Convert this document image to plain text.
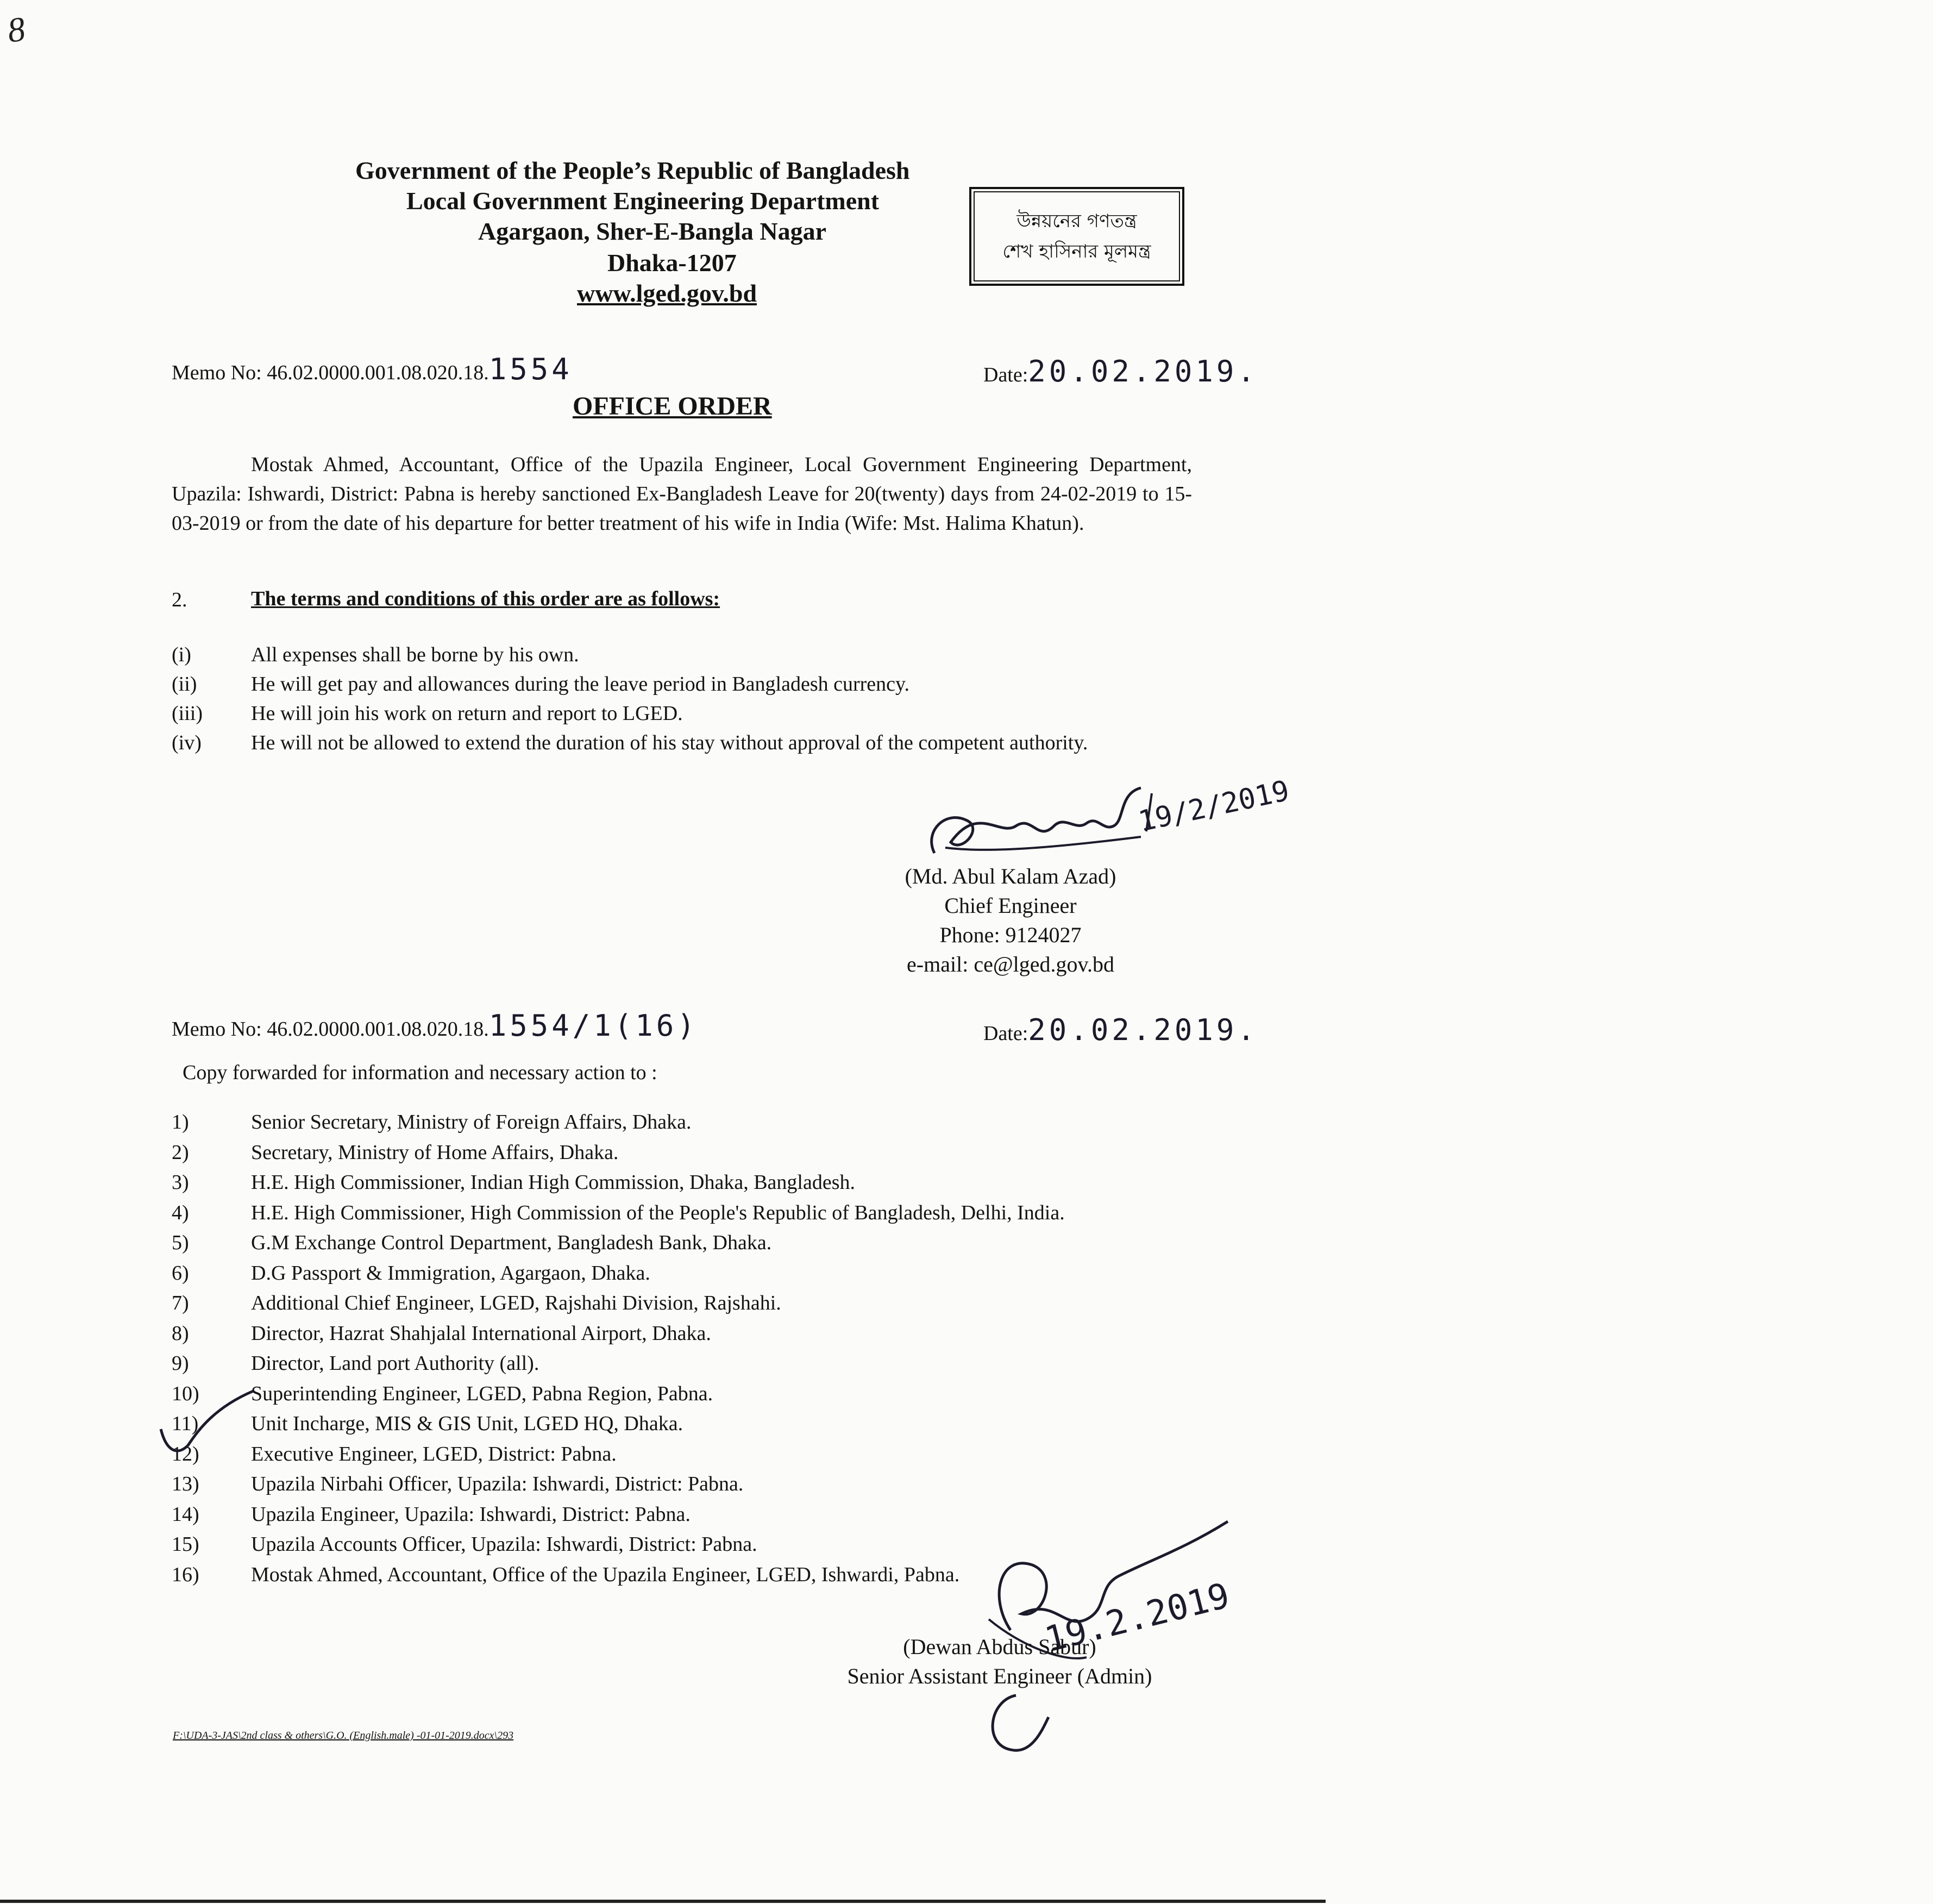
8
Government of the People’s Republic of Bangladesh
Local Government Engineering Department
Agargaon, Sher-E-Bangla Nagar
Dhaka-1207
www.lged.gov.bd
উন্নয়নের গণতন্ত্র
শেখ হাসিনার মূলমন্ত্র
Memo No: 46.02.0000.001.08.020.18.1554	Date:20.02.2019.
OFFICE ORDER
Mostak Ahmed, Accountant, Office of the Upazila Engineer, Local Government Engineering Department, Upazila: Ishwardi, District: Pabna is hereby sanctioned Ex-Bangladesh Leave for 20(twenty) days from 24-02-2019 to 15-03-2019 or from the date of his departure for better treatment of his wife in India (Wife: Mst. Halima Khatun).
2.	The terms and conditions of this order are as follows:
(i)	All expenses shall be borne by his own.
(ii)	He will get pay and allowances during the leave period in Bangladesh currency.
(iii)	He will join his work on return and report to LGED.
(iv)	He will not be allowed to extend the duration of his stay without approval of the competent authority.
19/2/2019
(Md. Abul Kalam Azad)
Chief Engineer
Phone: 9124027
e-mail: ce@lged.gov.bd
Memo No: 46.02.0000.001.08.020.18.1554/1(16)	Date:20.02.2019.
Copy forwarded for information and necessary action to :
1)	Senior Secretary, Ministry of Foreign Affairs, Dhaka.
2)	Secretary, Ministry of Home Affairs, Dhaka.
3)	H.E. High Commissioner, Indian High Commission, Dhaka, Bangladesh.
4)	H.E. High Commissioner, High Commission of the People's Republic of Bangladesh, Delhi, India.
5)	G.M Exchange Control Department, Bangladesh Bank, Dhaka.
6)	D.G Passport & Immigration, Agargaon, Dhaka.
7)	Additional Chief Engineer, LGED, Rajshahi Division, Rajshahi.
8)	Director, Hazrat Shahjalal International Airport, Dhaka.
9)	Director, Land port Authority (all).
10)	Superintending Engineer, LGED, Pabna Region, Pabna.
11)	Unit Incharge, MIS & GIS Unit, LGED HQ, Dhaka.
12)	Executive Engineer, LGED, District: Pabna.
13)	Upazila Nirbahi Officer, Upazila: Ishwardi, District: Pabna.
14)	Upazila Engineer, Upazila: Ishwardi, District: Pabna.
15)	Upazila Accounts Officer, Upazila: Ishwardi, District: Pabna.
16)	Mostak Ahmed, Accountant, Office of the Upazila Engineer, LGED, Ishwardi, Pabna.
19.2.2019
(Dewan Abdus Sabur)
Senior Assistant Engineer (Admin)
F:\UDA-3-JAS\2nd class & others\G.O. (English.male) -01-01-2019.docx\293
